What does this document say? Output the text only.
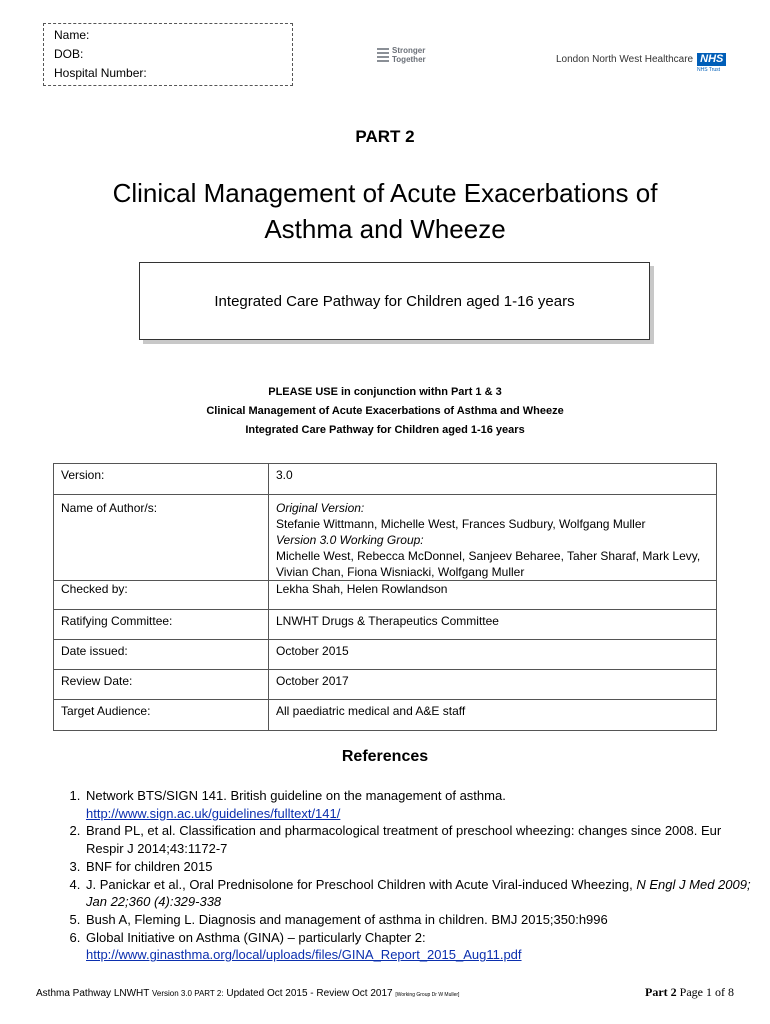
Name:
DOB:
Hospital Number:
Stronger
Together	London North West Healthcare NHS
NHS Trust
PART 2
Clinical Management of Acute Exacerbations of
Asthma and Wheeze
Integrated Care Pathway for Children aged 1-16 years
PLEASE USE in conjunction withn Part 1 & 3
Clinical Management of Acute Exacerbations of Asthma and Wheeze
Integrated Care Pathway for Children aged 1-16 years
Version:	3.0
Name of Author/s:	Original Version:
Stefanie Wittmann, Michelle West, Frances Sudbury, Wolfgang Muller
Version 3.0 Working Group:
Michelle West, Rebecca McDonnel, Sanjeev Beharee, Taher Sharaf, Mark Levy, Vivian Chan, Fiona Wisniacki, Wolfgang Muller

Checked by:	Lekha Shah, Helen Rowlandson
Ratifying Committee:	LNWHT Drugs & Therapeutics Committee
Date issued:	October 2015
Review Date:	October 2017
Target Audience:	All paediatric medical and A&E staff
References
1. Network BTS/SIGN 141. British guideline on the management of asthma.
http://www.sign.ac.uk/guidelines/fulltext/141/
2. Brand PL, et al. Classification and pharmacological treatment of preschool wheezing: changes since 2008. Eur Respir J 2014;43:1172-7
3. BNF for children 2015
4. J. Panickar et al., Oral Prednisolone for Preschool Children with Acute Viral-induced Wheezing, N Engl J Med 2009; Jan 22;360 (4):329-338
5. Bush A, Fleming L. Diagnosis and management of asthma in children. BMJ 2015;350:h996
6. Global Initiative on Asthma (GINA) – particularly Chapter 2:
http://www.ginasthma.org/local/uploads/files/GINA_Report_2015_Aug11.pdf
Asthma Pathway LNWHT Version 3.0 PART 2: Updated Oct 2015 - Review Oct 2017 [Working Group Dr W Muller]	Part 2 Page 1 of 8
